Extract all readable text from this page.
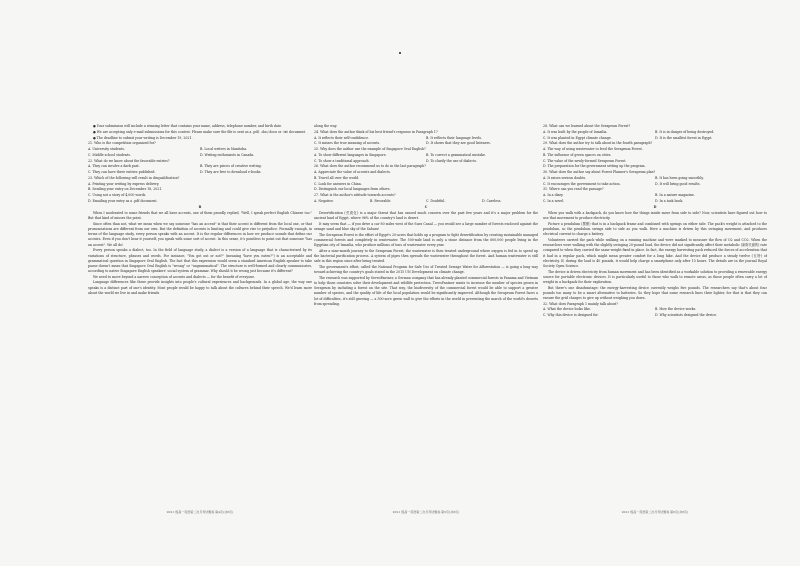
● Your submission will include a winning letter that contains your name, address, telephone number, and birth date.

● We are accepting only e-mail submissions for this contest. Please make sure the file is sent as a .pdf, .doc/.docx or .txt document.

● The deadline to submit your writing is December 19, 2021.

21. Who is the competition organized for?

A. University students.	B. Local writers in Manitoba.

C. Middle school students.	D. Writing enthusiasts in Canada.

22. What do we know about the favorable entries?

A. They can involve a dark past.	B. They are pieces of creative writing.

C. They can have three entries published.	D. They are free to download e-books.

23. Which of the following will result in disqualification?

A. Printing your writing by express delivery.

B. Sending your entry on December 18, 2021.

C. Using not a story of 4,000 words.

D. Emailing your entry as a .pdf document.

B

When I moderated to some friends that we all have accents, one of them proudly replied, "Well, I speak perfect English Chinese too." But that kind of misses the point.

Since often than not, what we mean when we say someone "has an accent" is that their accent is different from the local one, or that pronunciations are different from our own. But the definition of accents is limiting and could give rise to prejudice. Formally enough, in terms of the language study, every person speaks with an accent. It is the regular differences in how we produce sounds that define our accents. Even if you don't hear it yourself, you speak with some sort of accent. In this sense, it's pointless to point out that someone "has an accent". We all do!

Every person speaks a dialect, too. In the field of language study, a dialect is a version of a language that is characterized by its variations of structure, phrases and words. For instance, "You got out or not?" (meaning "have you eaten?") is an acceptable and grammatical question in Singapore Oral English. The fact that this expression would seem a standard American English speaker to take pause doesn't mean that Singapore Oral English is "wrong" or "ungrammatical". The structure is well-formed and clearly communicates, according to native Singapore English speakers' social system of grammar. Why should it be wrong just because it's different?

We need to move beyond a narrow conception of accents and dialects — for the benefit of everyone.

Language differences like these provide insights into people's cultural experiences and backgrounds. In a global age, the way one speaks is a distinct part of one's identity. Most people would be happy to talk about the cultures behind their speech. We'd learn more about the world we live in and make friends

along the way.

24. What does the author think of his best friend's response in Paragraph 1?

A. It reflects their self-confidence.	B. It reflects their language levels.

C. It misses the true meaning of accents.	D. It shows that they are good listeners.

25. Why does the author use the example of Singapore Oral English?

A. To show different languages in Singapore.	B. To correct a grammatical mistake.

C. To show a traditional approach.	D. To clarify the use of dialects.

26. What does the author recommend us to do in the last paragraph?

A. Appreciate the value of accents and dialects.

B. Travel all over the world.

C. Look for answers in China.

D. Distinguish our local languages from others.

27. What is the author's attitude towards accents?

A. Negative.	B. Favorable.	C. Doubtful.	D. Careless.

C

Desertification (荒漠化) is a major threat that has caused much concern over the past few years and it's a major problem for the ancient land of Egypt, where 96% of the country's land is desert.

It may seem that — if you drive a car 80 miles west of the Suez Canal — you would see a large number of forests enclosed against the orange sand and blue sky of the Sahara!

The Serapeum Forest is the effort of Egypt's 20-acres that holds up a program to fight desertification by creating sustainable managed commercial forests and completely in wastewater. The 500-mile land is only a stone distance from the 600,000 people living in the Egyptian city of Ismailia, who produce millions of tons of wastewater every year.

After a nine-month journey to the Serapeum Forest, the wastewater is then treated underground where oxygen is fed in to speed up the bacterial purification process. A system of pipes then spreads the wastewater throughout the forest. And human wastewater is still safe in this region since after being treated.

The government's effort, called the National Program for Safe Use of Treated Sewage Water for Afforestation — is going a long way toward achieving the country's goals stated in the 2015 UN Development on climate change.

The research was supported by SeveoFantner, a German company that has already planted commercial forests in Panama and Vietnam to help those countries solve their development and wildlife protection. TreesFantner wants to increase the number of species grown in Serapeum by including a forest on the site. That way, the biodiversity of the commercial forest would be able to support a greater number of species, and the quality of life of the local population would be significantly improved. Although the Serapeum Forest faces a lot of difficulties, it's still growing — a 500-acre green wall to give the efforts in the world in preventing the march of the world's deserts from spreading.

28. What can we learned about the Serapeum Forest?

A. It was built by the people of Ismailia.	B. It is in danger of being destroyed.

C. It was planted in Egypt climate change.	D. It is the smallest forest in Egypt.

29. What does the author try to talk about in the fourth paragraph?

A. The way of using wastewater to feed the Serapeum Forest.

B. The influence of green spaces on cities.

C. The value of the newly-formed Serapeum Forest.

D. The preparation for the government setting up the program.

30. What does the author say about Forest Planner's Serapeum plan?

A. It raises serious doubts.	B. It has been going smoothly.

C. It encourages the government to take action.	D. It will bring good results.

31. Where can you read the passage?

A. In a diary.	B. In a nature magazine.

C. In a novel.	D. In a task book.

D

When you walk with a backpack, do you know how the things inside move from side to side? Now, scientists have figured out how to use that movement to produce electricity.

Picture a pendulum (摆锤) that is in a backpack frame and combined with springs on either side. The pack's weight is attached to the pendulum, so the pendulum swings side to side as you walk. Here a machine is driven by this swinging movement, and produces electrical current to charge a battery.

Volunteers carried the pack while walking on a running machine and were masked to measure the flow of O2 and CO2. When the researchers were walking with the slightly swinging 20-pound load, the device did not significantly affect their metabolic (新陈代谢的) rate compared to when they carried the same weight fixed in place. In fact, the energy harvesting pack reduced the forces of acceleration that it had in a regular pack, which might mean greater comfort for a long hike. And the device did produce a steady twelve (瓦特) of electricity. If, during the load is 40 pounds, it would help charge a smartphone only after 15 hours. The details are in the journal Royal Society Open Science.

The device is driven electricity from human movement and has been identified as a workable solution to providing a renewable energy source for portable electronic devices. It is particularly useful to those who walk to remote areas, as those people often carry a lot of weight in a backpack for their exploration.

But there's one disadvantage: the energy-harvesting device currently weighs five pounds. The researchers say that's about four pounds too many to be a smart alternative to batteries. So they hope that some research lines their lighter, for that is that they can ensure the grid charges to give up without weighing you down.

32. What does Paragraph 1 mainly talk about?

A. What the device looks like.	B. How the device works.

C. Why this device is designed for.	D. Why scientists designed the device.

2021 级高一英语第二次月考试题卷·第4页(共8页)	2021 级高一英语第二次月考试题卷·第5页(共8页)	2021 级高一英语第二次月考试题卷·第6页(共8页)
